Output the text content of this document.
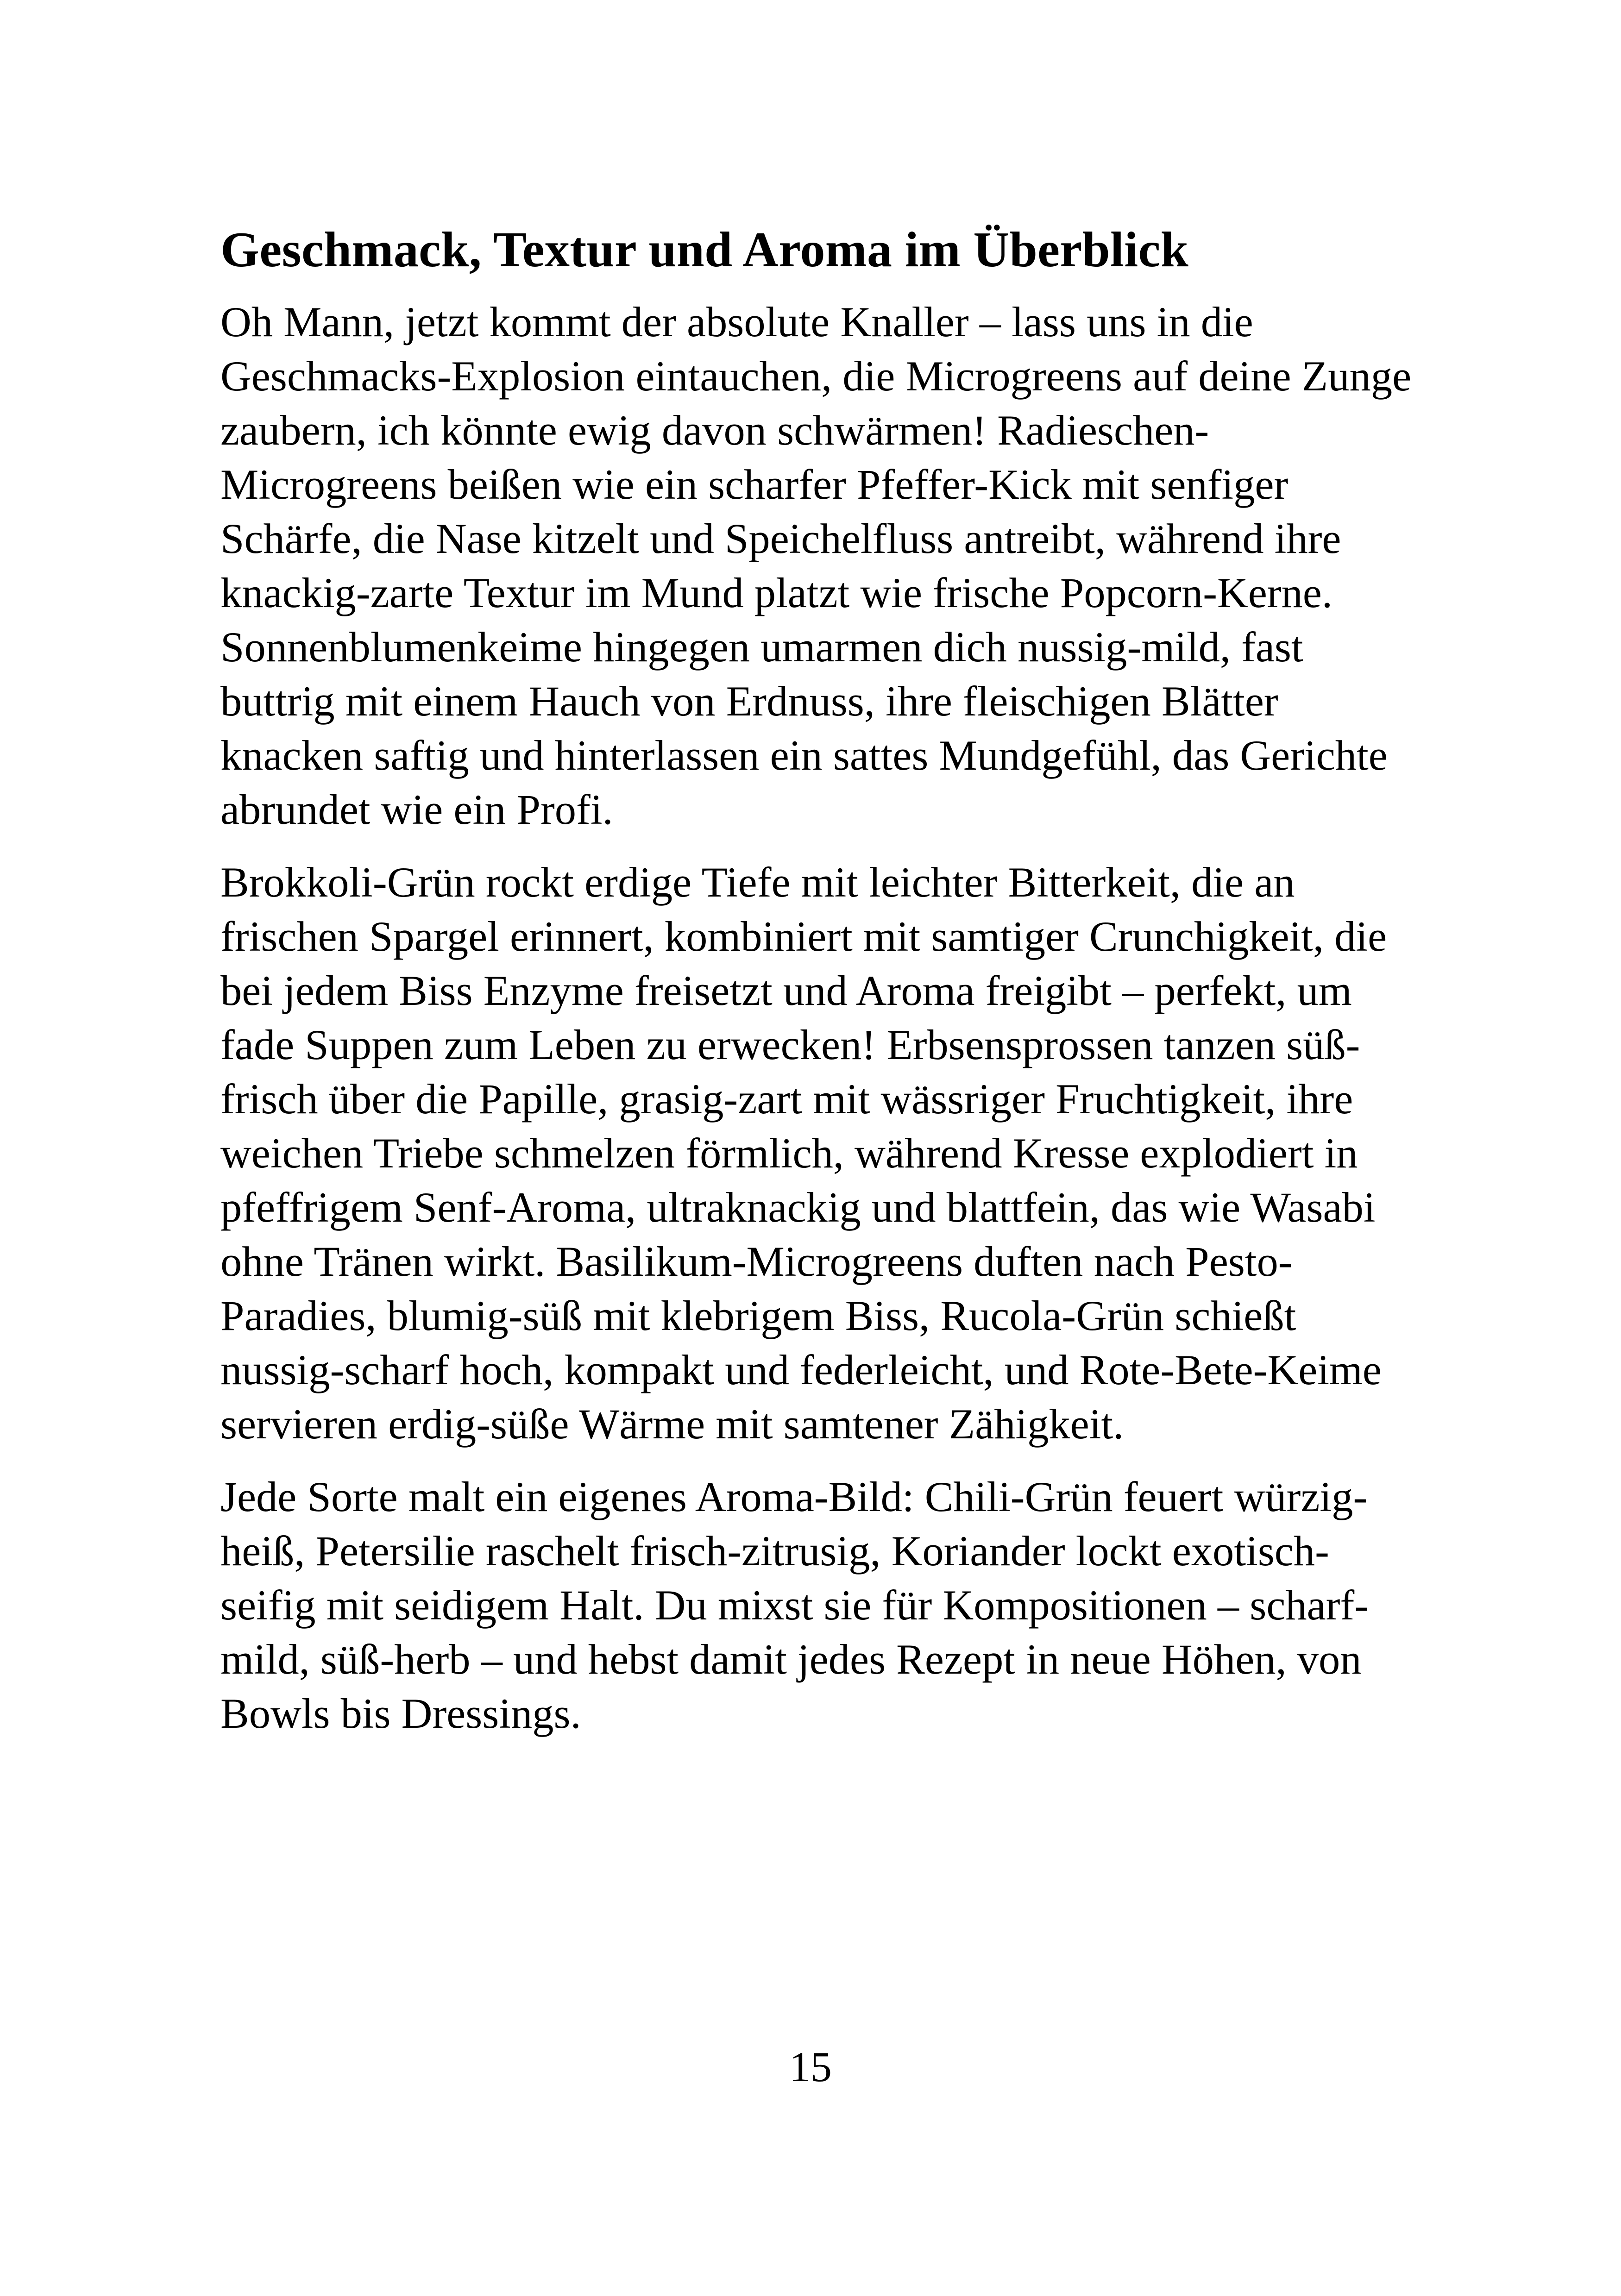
Geschmack, Textur und Aroma im Überblick

Oh Mann, jetzt kommt der absolute Knaller – lass uns in die Geschmacks-Explosion eintauchen, die Microgreens auf deine Zunge zaubern, ich könnte ewig davon schwärmen! Radieschen-Microgreens beißen wie ein scharfer Pfeffer-Kick mit senfiger Schärfe, die Nase kitzelt und Speichelfluss antreibt, während ihre knackig-zarte Textur im Mund platzt wie frische Popcorn-Kerne. Sonnenblumenkeime hingegen umarmen dich nussig-mild, fast buttrig mit einem Hauch von Erdnuss, ihre fleischigen Blätter knacken saftig und hinterlassen ein sattes Mundgefühl, das Gerichte abrundet wie ein Profi.

Brokkoli-Grün rockt erdige Tiefe mit leichter Bitterkeit, die an frischen Spargel erinnert, kombiniert mit samtiger Crunchigkeit, die bei jedem Biss Enzyme freisetzt und Aroma freigibt – perfekt, um fade Suppen zum Leben zu erwecken! Erbsensprossen tanzen süß-frisch über die Papille, grasig-zart mit wässriger Fruchtigkeit, ihre weichen Triebe schmelzen förmlich, während Kresse explodiert in pfeffrigem Senf-Aroma, ultraknackig und blattfein, das wie Wasabi ohne Tränen wirkt. Basilikum-Microgreens duften nach Pesto-Paradies, blumig-süß mit klebrigem Biss, Rucola-Grün schießt nussig-scharf hoch, kompakt und federleicht, und Rote-Bete-Keime servieren erdig-süße Wärme mit samtener Zähigkeit.

Jede Sorte malt ein eigenes Aroma-Bild: Chili-Grün feuert würzig-heiß, Petersilie raschelt frisch-zitrusig, Koriander lockt exotisch-seifig mit seidigem Halt. Du mixst sie für Kompositionen – scharf-mild, süß-herb – und hebst damit jedes Rezept in neue Höhen, von Bowls bis Dressings.

15
